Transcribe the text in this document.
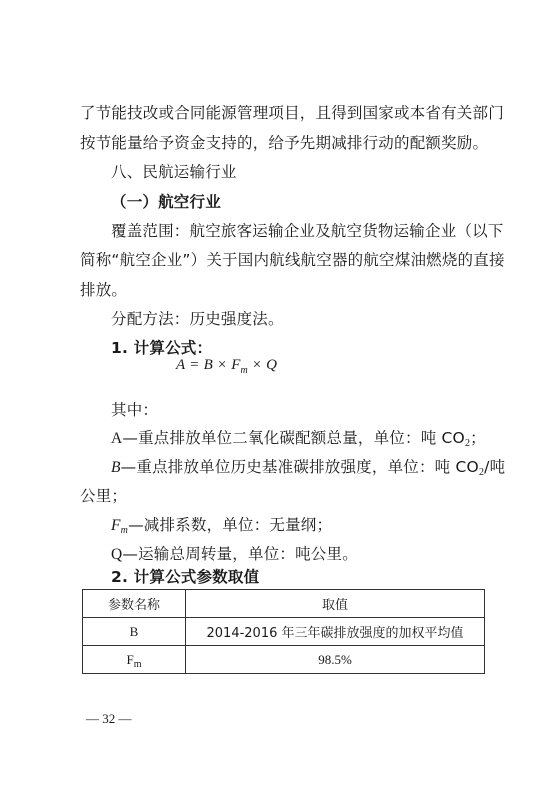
了节能技改或合同能源管理项目，且得到国家或本省有关部门
按节能量给予资金支持的，给予先期减排行动的配额奖励。
八、民航运输行业
（一）航空行业
覆盖范围：航空旅客运输企业及航空货物运输企业（以下
简称“航空企业”）关于国内航线航空器的航空煤油燃烧的直接
排放。
分配方法：历史强度法。
1. 计算公式：
$A = B \times F_m \times Q$
其中：
A—重点排放单位二氧化碳配额总量，单位：吨 $CO_2$；
B—重点排放单位历史基准碳排放强度，单位：吨 $CO_2/$吨
公里；
$F_m—$减排系数，单位：无量纲；
Q—运输总周转量，单位：吨公里。
2. 计算公式参数取值
参数名称	取值
B	2014-2016 年三年碳排放强度的加权平均值
$F_m$	98.5%
— 32 —
